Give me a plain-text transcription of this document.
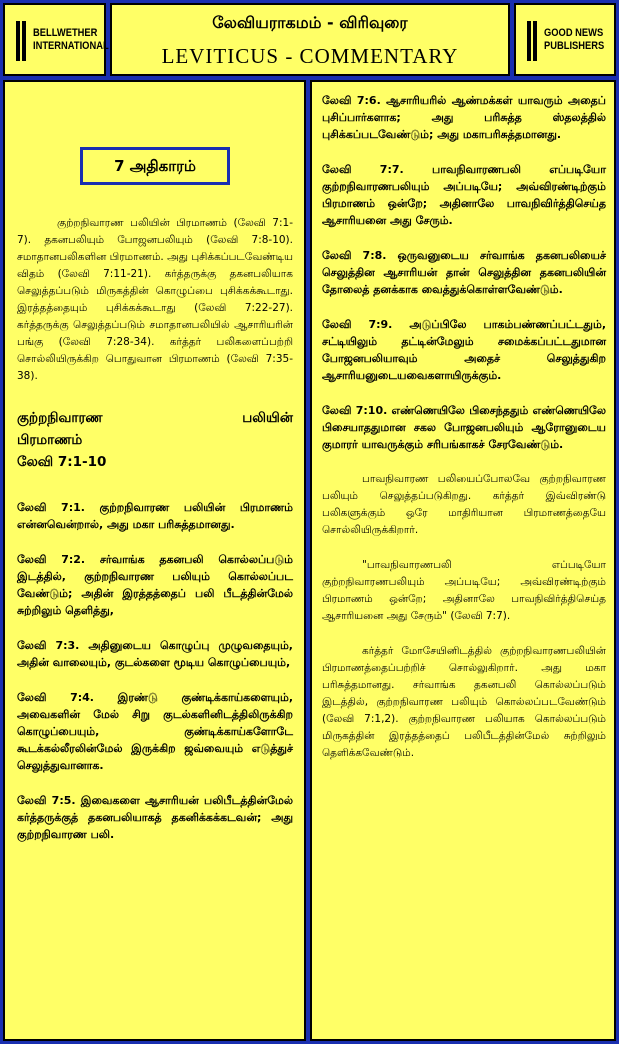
BELLWETHER
INTERNATIONAL
லேவியராகமம் - விரிவுரை
LEVITICUS - COMMENTARY
GOOD NEWS
PUBLISHERS
7 அதிகாரம்

குற்றநிவாரண பலியின் பிரமாணம் (லேவி 7:1-7). தகனபலியும் போஜனபலியும் (லேவி 7:8-10). சமாதானபலிகளின பிரமாணம். அது புசிக்கப்படவேண்டிய விதம் (லேவி 7:11-21). கர்த்தருக்கு தகனபலியாக செலுத்தப்படும் மிருகத்தின் கொழுப்பை புசிக்கக்கூடாது. இரத்தத்தையும் புசிக்கக்கூடாது (லேவி 7:22-27). கர்த்தருக்கு செலுத்தப்படும் சமாதானபலியில் ஆசாரியரின் பங்கு (லேவி 7:28-34). கர்த்தர் பலிகளைப்பற்றி சொல்லியிருக்கிற பொதுவான பிரமாணம் (லேவி 7:35-38).

குற்றநிவாரண பலியின்

பிரமாணம்

லேவி 7:1-10

லேவி 7:1. குற்றநிவாரண பலியின் பிரமாணம் என்னவென்றால், அது மகா பரிசுத்தமானது.

லேவி 7:2. சர்வாங்க தகனபலி கொல்லப்படும் இடத்தில், குற்றநிவாரண பலியும் கொல்லப்பட வேண்டும்; அதின் இரத்தத்தைப் பலி பீடத்தின்மேல் சுற்றிலும் தெளித்து,

லேவி 7:3. அதினுடைய கொழுப்பு முழுவதையும், அதின் வாலையும், குடல்களை மூடிய கொழுப்பையும்,

லேவி 7:4. இரண்டு குண்டிக்காய்களையும், அவைகளின் மேல் சிறு குடல்களினிடத்திலிருக்கிற கொழுப்பையும், குண்டிக்காய்களோடே கூடக்கல்லீரலின்மேல் இருக்கிற ஜவ்வையும் எடுத்துச் செலுத்துவானாக.

லேவி 7:5. இவைகளை ஆசாரியன் பலிபீடத்தின்மேல் கர்த்தருக்குத் தகனபலியாகத் தகனிக்கக்கடவன்; அது குற்றநிவாரண பலி.

லேவி 7:6. ஆசாரியரில் ஆண்மக்கள் யாவரும் அதைப் புசிப்பார்களாக; அது பரிசுத்த ஸ்தலத்தில் புசிக்கப்படவேண்டும்; அது மகாபரிசுத்தமானது.

லேவி 7:7. பாவநிவாரணபலி எப்படியோ குற்றநிவாரணபலியும் அப்படியே; அவ்விரண்டிற்கும் பிரமாணம் ஒன்றே; அதினாலே பாவநிவிர்த்திசெய்த ஆசாரியனை அது சேரும்.

லேவி 7:8. ஒருவனுடைய சர்வாங்க தகனபலியைச் செலுத்தின ஆசாரியன் தான் செலுத்தின தகனபலியின் தோலைத் தனக்காக வைத்துக்கொள்ளவேண்டும்.

லேவி 7:9. அடுப்பிலே பாகம்பண்ணப்பட்டதும், சட்டியிலும் தட்டின்மேலும் சமைக்கப்பட்டதுமான போஜனபலியாவும் அதைச் செலுத்துகிற ஆசாரியனுடையவைகளாயிருக்கும்.

லேவி 7:10. எண்ணெயிலே பிசைந்ததும் எண்ணெயிலே பிசையாததுமான சகல போஜனபலியும் ஆரோனுடைய குமாரர் யாவருக்கும் சரிபங்காகச் சேரவேண்டும்.

பாவநிவாரண பலியைப்போலவே குற்றநிவாரண பலியும் செலுத்தப்படுகிறது. கர்த்தர் இவ்விரண்டு பலிகளுக்கும் ஒரே மாதிரியான பிரமாணத்தையே சொல்லியிருக்கிறார்.

"பாவநிவாரணபலி எப்படியோ குற்றநிவாரணபலியும் அப்படியே; அவ்விரண்டிற்கும் பிரமாணம் ஒன்றே; அதினாலே பாவநிவிர்த்திசெய்த ஆசாரியனை அது சேரும்" (லேவி 7:7).

கர்த்தர் மோசேயினிடத்தில் குற்றநிவாரணபலியின் பிரமாணத்தைப்பற்றிச் சொல்லுகிறார். அது மகா பரிசுத்தமானது. சர்வாங்க தகனபலி கொல்லப்படும் இடத்தில், குற்றநிவாரண பலியும் கொல்லப்படவேண்டும் (லேவி 7:1,2). குற்றநிவாரண பலியாக கொல்லப்படும் மிருகத்தின் இரத்தத்தைப் பலிபீடத்தின்மேல் சுற்றிலும் தெளிக்கவேண்டும்.
